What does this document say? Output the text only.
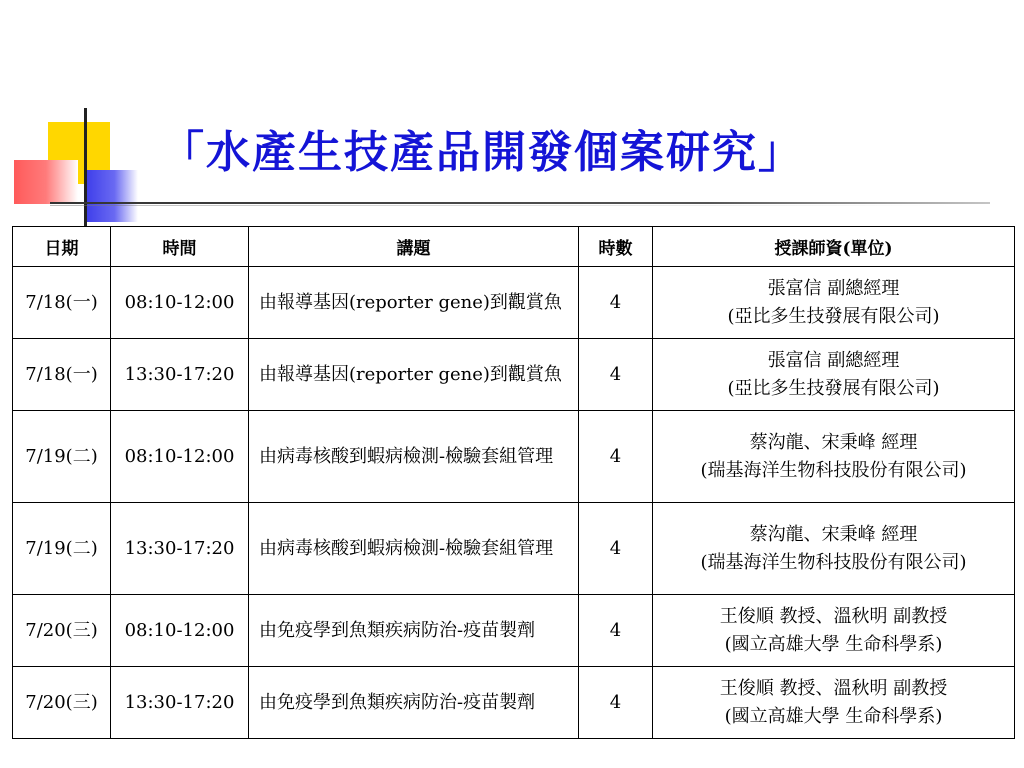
「水產生技產品開發個案研究」
日期	時間	講題	時數	授課師資(單位)
7/18(一)	08:10-12:00	由報導基因(reporter gene)到觀賞魚	4	張富信 副總經理
(亞比多生技發展有限公司)

7/18(一)	13:30-17:20	由報導基因(reporter gene)到觀賞魚	4	張富信 副總經理
(亞比多生技發展有限公司)

7/19(二)	08:10-12:00	由病毒核酸到蝦病檢測-檢驗套組管理	4	蔡沟龍、宋秉峰 經理
(瑞基海洋生物科技股份有限公司)

7/19(二)	13:30-17:20	由病毒核酸到蝦病檢測-檢驗套組管理	4	蔡沟龍、宋秉峰 經理
(瑞基海洋生物科技股份有限公司)

7/20(三)	08:10-12:00	由免疫學到魚類疾病防治-疫苗製劑	4	王俊順 教授、溫秋明 副教授
(國立高雄大學 生命科學系)

7/20(三)	13:30-17:20	由免疫學到魚類疾病防治-疫苗製劑	4	王俊順 教授、溫秋明 副教授
(國立高雄大學 生命科學系)
